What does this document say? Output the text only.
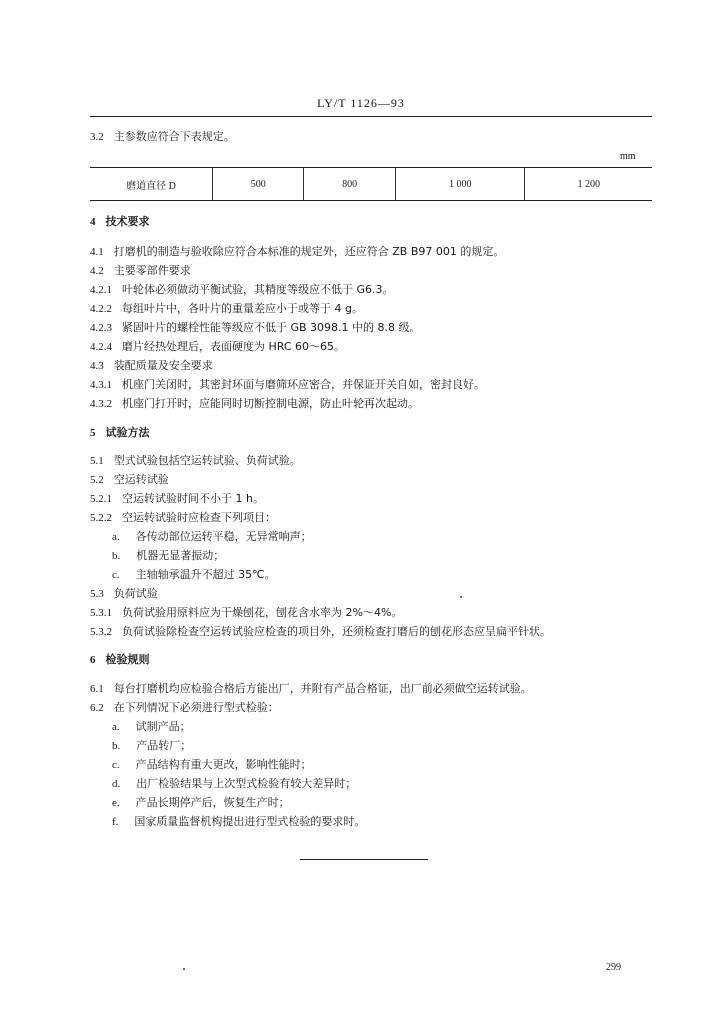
LY/T 1126—93
3.2 主参数应符合下表规定。
mm
磨道直径 D	500	800	1 000	1 200
4 技术要求
4.1 打磨机的制造与验收除应符合本标准的规定外，还应符合 ZB B97 001 的规定。
4.2 主要零部件要求
4.2.1 叶轮体必须做动平衡试验，其精度等级应不低于 G6.3。
4.2.2 每组叶片中，各叶片的重量差应小于或等于 4 g。
4.2.3 紧固叶片的螺栓性能等级应不低于 GB 3098.1 中的 8.8 级。
4.2.4 磨片经热处理后，表面硬度为 HRC 60～65。
4.3 装配质量及安全要求
4.3.1 机座门关闭时，其密封环面与磨筛环应密合，并保证开关自如，密封良好。
4.3.2 机座门打开时，应能同时切断控制电源，防止叶轮再次起动。
5 试验方法
5.1 型式试验包括空运转试验、负荷试验。
5.2 空运转试验
5.2.1 空运转试验时间不小于 1 h。
5.2.2 空运转试验时应检查下列项目：
a. 各传动部位运转平稳，无异常响声；
b. 机器无显著振动；
c. 主轴轴承温升不超过 35℃。
5.3 负荷试验
5.3.1 负荷试验用原料应为干燥刨花，刨花含水率为 2%～4%。
5.3.2 负荷试验除检查空运转试验应检查的项目外，还须检查打磨后的刨花形态应呈扁平针状。
6 检验规则
6.1 每台打磨机均应检验合格后方能出厂，并附有产品合格证，出厂前必须做空运转试验。
6.2 在下列情况下必须进行型式检验：
a. 试制产品；
b. 产品转厂；
c. 产品结构有重大更改，影响性能时；
d. 出厂检验结果与上次型式检验有较大差异时；
e. 产品长期停产后，恢复生产时；
f. 国家质量监督机构提出进行型式检验的要求时。
299
